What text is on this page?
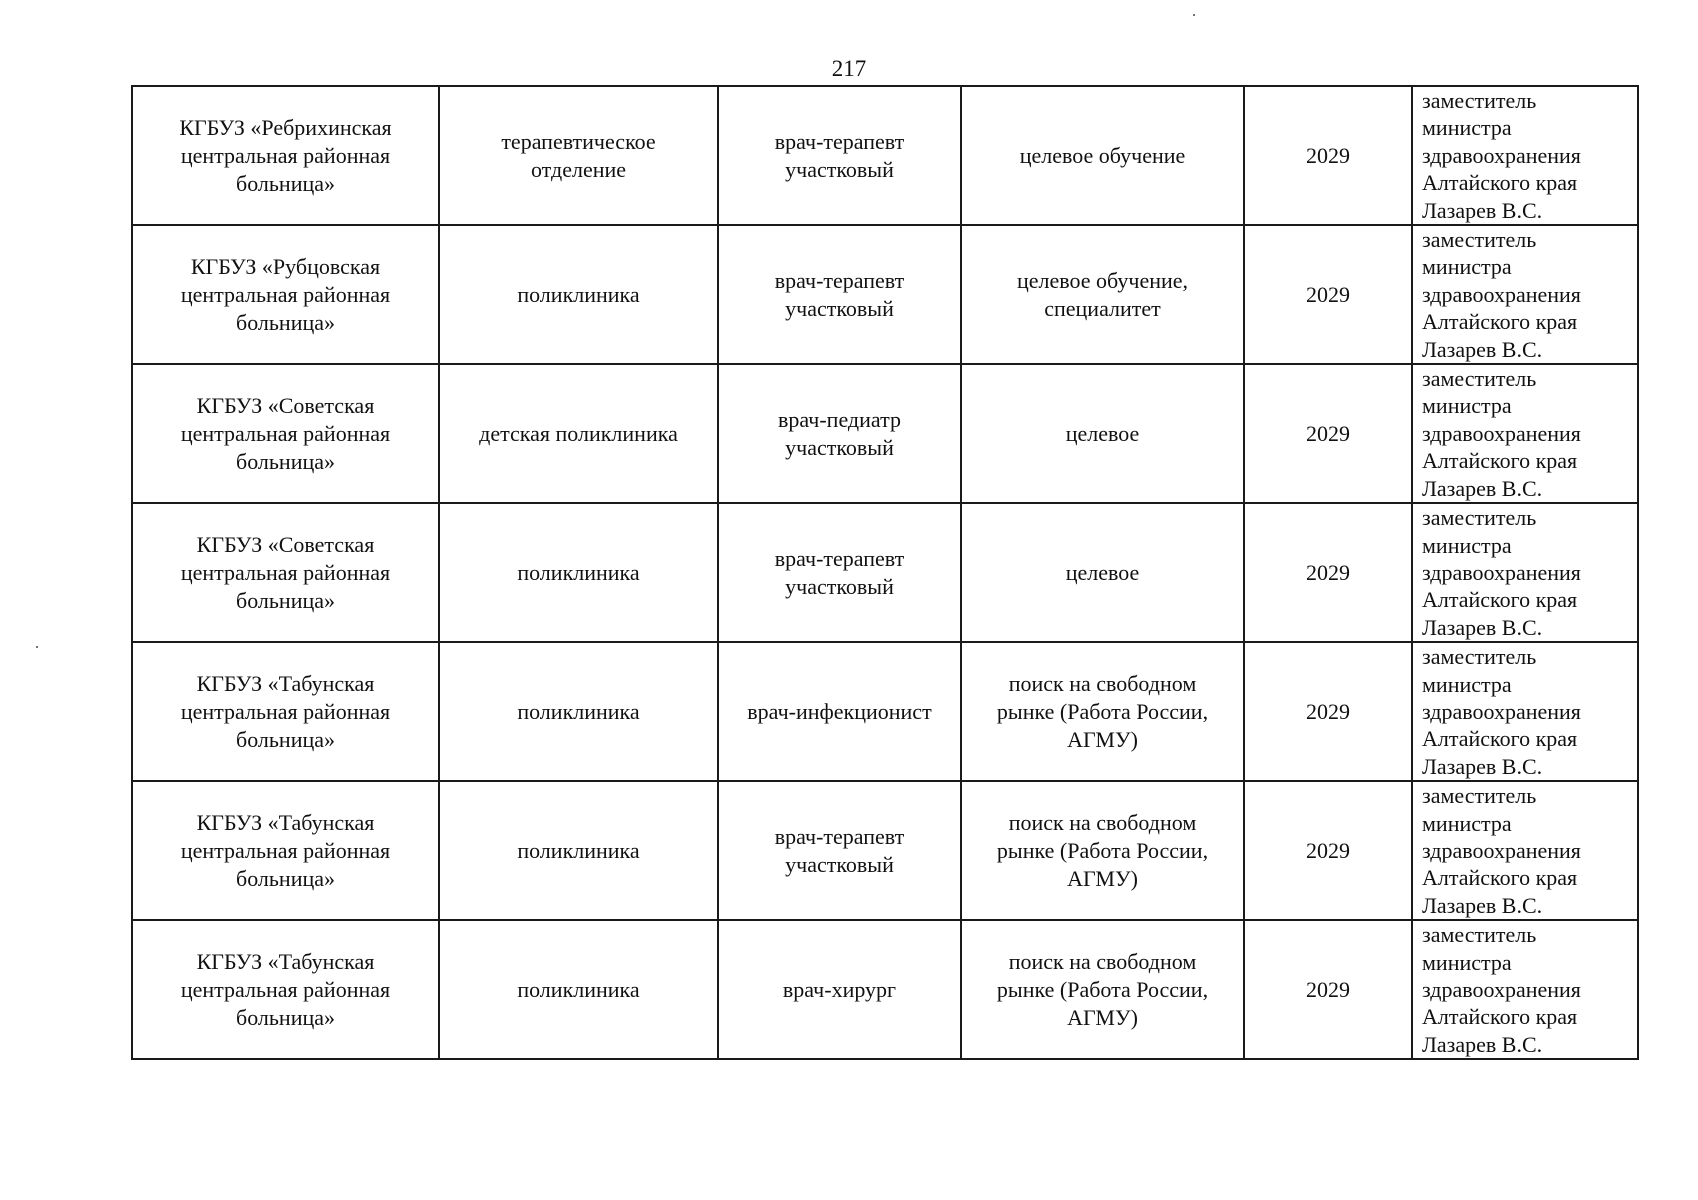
217
КГБУЗ «Ребрихинская
центральная районная
больница»	терапевтическое
отделение	врач-терапевт
участковый	целевое обучение	2029	заместитель
министра
здравоохранения
Алтайского края
Лазарев В.С.

КГБУЗ «Рубцовская
центральная районная
больница»	поликлиника	врач-терапевт
участковый	целевое обучение,
специалитет	2029	заместитель
министра
здравоохранения
Алтайского края
Лазарев В.С.

КГБУЗ «Советская
центральная районная
больница»	детская поликлиника	врач-педиатр
участковый	целевое	2029	заместитель
министра
здравоохранения
Алтайского края
Лазарев В.С.

КГБУЗ «Советская
центральная районная
больница»	поликлиника	врач-терапевт
участковый	целевое	2029	заместитель
министра
здравоохранения
Алтайского края
Лазарев В.С.

КГБУЗ «Табунская
центральная районная
больница»	поликлиника	врач-инфекционист	поиск на свободном
рынке (Работа России,
АГМУ)	2029	заместитель
министра
здравоохранения
Алтайского края
Лазарев В.С.

КГБУЗ «Табунская
центральная районная
больница»	поликлиника	врач-терапевт
участковый	поиск на свободном
рынке (Работа России,
АГМУ)	2029	заместитель
министра
здравоохранения
Алтайского края
Лазарев В.С.

КГБУЗ «Табунская
центральная районная
больница»	поликлиника	врач-хирург	поиск на свободном
рынке (Работа России,
АГМУ)	2029	заместитель
министра
здравоохранения
Алтайского края
Лазарев В.С.
